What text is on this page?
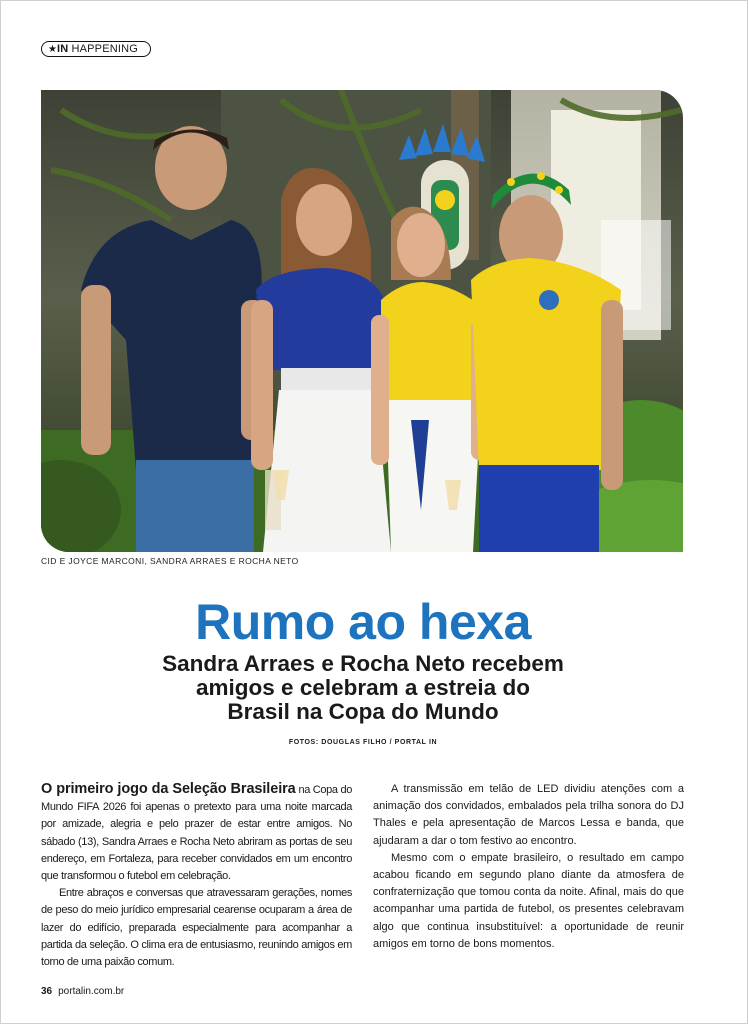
★IN HAPPENING
CID E JOYCE MARCONI, SANDRA ARRAES E ROCHA NETO
Rumo ao hexa
Sandra Arraes e Rocha Neto recebem
amigos e celebram a estreia do
Brasil na Copa do Mundo
FOTOS: DOUGLAS FILHO / PORTAL IN

O primeiro jogo da Seleção Brasileira na Copa do Mundo FIFA 2026 foi apenas o pretexto para uma noite marcada por amizade, alegria e pelo prazer de estar entre amigos. No sábado (13), Sandra Arraes e Rocha Neto abriram as portas de seu endereço, em Fortaleza, para receber convidados em um encontro que transformou o futebol em celebração.

Entre abraços e conversas que atravessaram gerações, nomes de peso do meio jurídico empresarial cearense ocuparam a área de lazer do edifício, preparada especialmente para acompanhar a partida da seleção. O clima era de entusiasmo, reunindo amigos em torno de uma paixão comum.

A transmissão em telão de LED dividiu atenções com a animação dos convidados, embalados pela trilha sonora do DJ Thales e pela apresentação de Marcos Lessa e banda, que ajudaram a dar o tom festivo ao encontro.

Mesmo com o empate brasileiro, o resultado em campo acabou ficando em segundo plano diante da atmosfera de confraternização que tomou conta da noite. Afinal, mais do que acompanhar uma partida de futebol, os presentes celebravam algo que continua insubstituível: a oportunidade de reunir amigos em torno de bons momentos.

36 portalin.com.br
